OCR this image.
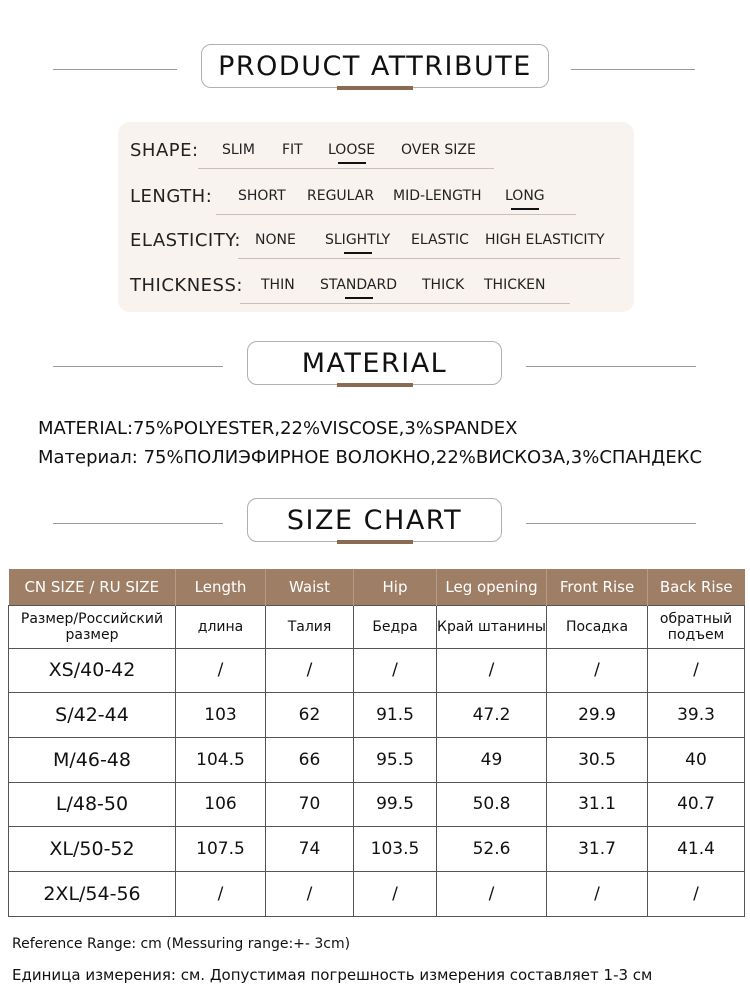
PRODUCT ATTRIBUTE
SHAPE: SLIM FIT LOOSE OVER SIZE
LENGTH: SHORT REGULAR MID-LENGTH LONG
ELASTICITY: NONE SLIGHTLY ELASTIC HIGH ELASTICITY
THICKNESS: THIN STANDARD THICK THICKEN
MATERIAL
MATERIAL:75%POLYESTER,22%VISCOSE,3%SPANDEX
Материал: 75%ПОЛИЭФИРНОЕ ВОЛОКНО,22%ВИСКОЗА,3%СПАНДЕКС
SIZE CHART
CN SIZE / RU SIZE	Length	Waist	Hip	Leg opening	Front Rise	Back Rise
Размер/Российский размер	длина	Талия	Бедра	Край штанины	Посадка	обратный подъем
XS/40-42	/	/	/	/	/	/
S/42-44	103	62	91.5	47.2	29.9	39.3
M/46-48	104.5	66	95.5	49	30.5	40
L/48-50	106	70	99.5	50.8	31.1	40.7
XL/50-52	107.5	74	103.5	52.6	31.7	41.4
2XL/54-56	/	/	/	/	/	/
Reference Range: cm (Messuring range:+- 3cm)
Единица измерения: см. Допустимая погрешность измерения составляет 1-3 см
